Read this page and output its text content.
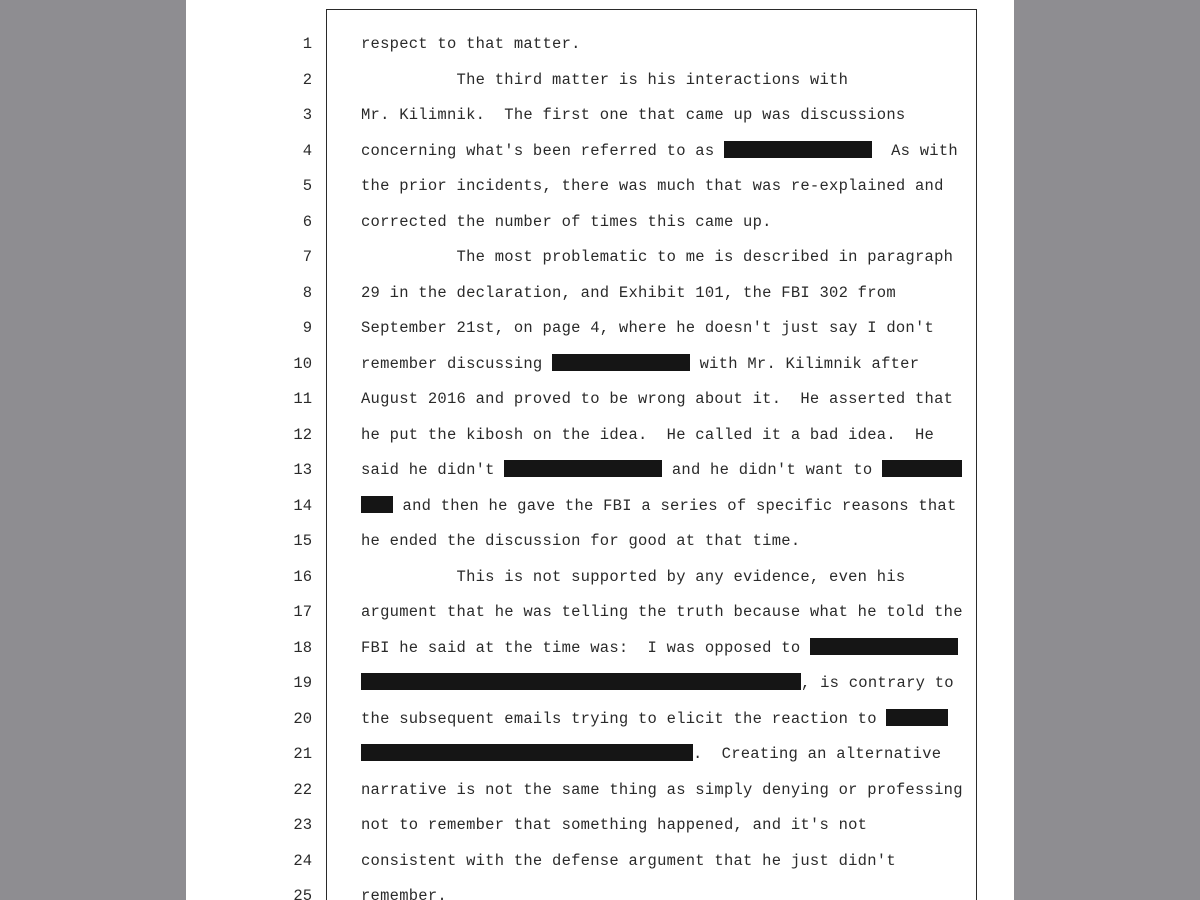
1	respect to that matter.
2	The third matter is his interactions with
3	Mr. Kilimnik.  The first one that came up was discussions
4	concerning what's been referred to as	As with
5	the prior incidents, there was much that was re-explained and
6	corrected the number of times this came up.
7	The most problematic to me is described in paragraph
8	29 in the declaration, and Exhibit 101, the FBI 302 from
9	September 21st, on page 4, where he doesn't just say I don't
10	remember discussing	with Mr. Kilimnik after
11	August 2016 and proved to be wrong about it.  He asserted that
12	he put the kibosh on the idea.  He called it a bad idea.  He
13	said he didn't	and he didn't want to
14	and then he gave the FBI a series of specific reasons that
15	he ended the discussion for good at that time.
16	This is not supported by any evidence, even his
17	argument that he was telling the truth because what he told the
18	FBI he said at the time was:  I was opposed to
19	, is contrary to
20	the subsequent emails trying to elicit the reaction to
21	.  Creating an alternative
22	narrative is not the same thing as simply denying or professing
23	not to remember that something happened, and it's not
24	consistent with the defense argument that he just didn't
25	remember.
